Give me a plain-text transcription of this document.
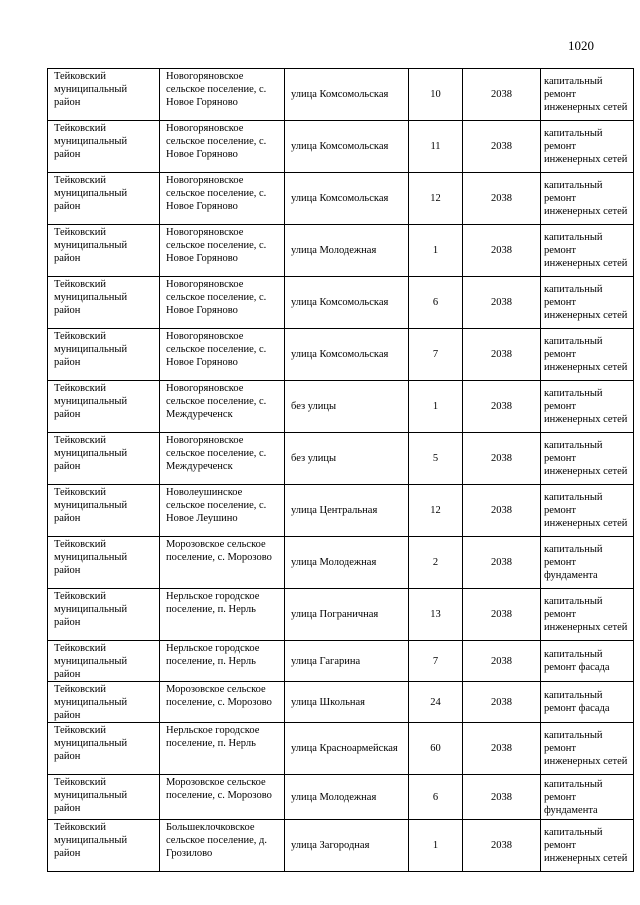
1020
Тейковский муниципальный район	Новогоряновское сельское поселение, с. Новое Горяново	улица Комсомольская	10	2038	капитальный ремонт инженерных сетей
Тейковский муниципальный район	Новогоряновское сельское поселение, с. Новое Горяново	улица Комсомольская	11	2038	капитальный ремонт инженерных сетей
Тейковский муниципальный район	Новогоряновское сельское поселение, с. Новое Горяново	улица Комсомольская	12	2038	капитальный ремонт инженерных сетей
Тейковский муниципальный район	Новогоряновское сельское поселение, с. Новое Горяново	улица Молодежная	1	2038	капитальный ремонт инженерных сетей
Тейковский муниципальный район	Новогоряновское сельское поселение, с. Новое Горяново	улица Комсомольская	6	2038	капитальный ремонт инженерных сетей
Тейковский муниципальный район	Новогоряновское сельское поселение, с. Новое Горяново	улица Комсомольская	7	2038	капитальный ремонт инженерных сетей
Тейковский муниципальный район	Новогоряновское сельское поселение, с. Междуреченск	без улицы	1	2038	капитальный ремонт инженерных сетей
Тейковский муниципальный район	Новогоряновское сельское поселение, с. Междуреченск	без улицы	5	2038	капитальный ремонт инженерных сетей
Тейковский муниципальный район	Новолеушинское сельское поселение, с. Новое Леушино	улица Центральная	12	2038	капитальный ремонт инженерных сетей
Тейковский муниципальный район	Морозовское сельское поселение, с. Морозово	улица Молодежная	2	2038	капитальный ремонт фундамента
Тейковский муниципальный район	Нерльское городское поселение, п. Нерль	улица Пограничная	13	2038	капитальный ремонт инженерных сетей
Тейковский муниципальный район	Нерльское городское поселение, п. Нерль	улица Гагарина	7	2038	капитальный ремонт фасада
Тейковский муниципальный район	Морозовское сельское поселение, с. Морозово	улица Школьная	24	2038	капитальный ремонт фасада
Тейковский муниципальный район	Нерльское городское поселение, п. Нерль	улица Красноармейская	60	2038	капитальный ремонт инженерных сетей
Тейковский муниципальный район	Морозовское сельское поселение, с. Морозово	улица Молодежная	6	2038	капитальный ремонт фундамента
Тейковский муниципальный район	Большеклочковское сельское поселение, д. Грозилово	улица Загородная	1	2038	капитальный ремонт инженерных сетей
